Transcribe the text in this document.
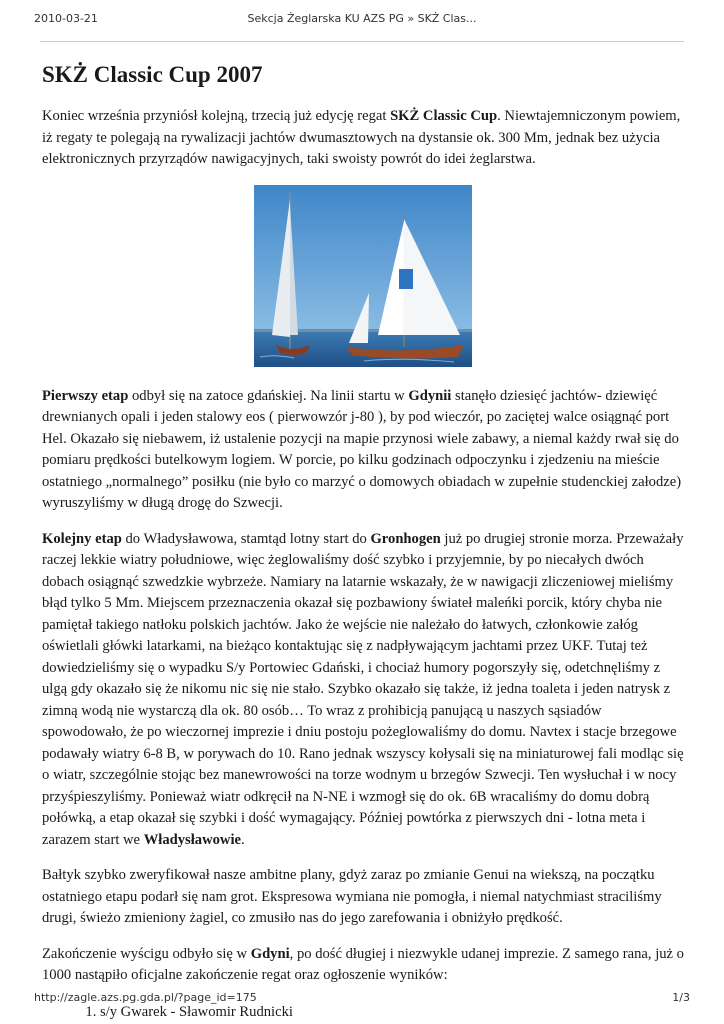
2010-03-21	Sekcja Żeglarska KU AZS PG » SKŻ Clas...
SKŻ Classic Cup 2007

Koniec września przyniósł kolejną, trzecią już edycję regat SKŻ Classic Cup. Niewtajemniczonym powiem, iż regaty te polegają na rywalizacji jachtów dwumasztowych na dystansie ok. 300 Mm, jednak bez użycia elektronicznych przyrządów nawigacyjnych, taki swoisty powrót do idei żeglarstwa.

Pierwszy etap odbył się na zatoce gdańskiej. Na linii startu w Gdynii stanęło dziesięć jachtów- dziewięć drewnianych opali i jeden stalowy eos ( pierwowzór j-80 ), by pod wieczór, po zaciętej walce osiągnąć port Hel. Okazało się niebawem, iż ustalenie pozycji na mapie przynosi wiele zabawy, a niemal każdy rwał się do pomiaru prędkości butelkowym logiem. W porcie, po kilku godzinach odpoczynku i zjedzeniu na mieście ostatniego „normalnego” posiłku (nie było co marzyć o domowych obiadach w zupełnie studenckiej załodze) wyruszyliśmy w długą drogę do Szwecji.

Kolejny etap do Władysławowa, stamtąd lotny start do Gronhogen już po drugiej stronie morza. Przeważały raczej lekkie wiatry południowe, więc żeglowaliśmy dość szybko i przyjemnie, by po niecałych dwóch dobach osiągnąć szwedzkie wybrzeże. Namiary na latarnie wskazały, że w nawigacji zliczeniowej mieliśmy błąd tylko 5 Mm. Miejscem przeznaczenia okazał się pozbawiony świateł maleńki porcik, który chyba nie pamiętał takiego natłoku polskich jachtów. Jako że wejście nie należało do łatwych, członkowie załóg oświetlali główki latarkami, na bieżąco kontaktując się z nadpływającym jachtami przez UKF. Tutaj też dowiedzieliśmy się o wypadku S/y Portowiec Gdański, i chociaż humory pogorszyły się, odetchnęliśmy z ulgą gdy okazało się że nikomu nic się nie stało. Szybko okazało się także, iż jedna toaleta i jeden natrysk z zimną wodą nie wystarczą dla ok. 80 osób… To wraz z prohibicją panującą u naszych sąsiadów spowodowało, że po wieczornej imprezie i dniu postoju pożeglowaliśmy do domu. Navtex i stacje brzegowe podawały wiatry 6-8 B, w porywach do 10. Rano jednak wszyscy kołysali się na miniaturowej fali modląc się o wiatr, szczególnie stojąc bez manewrowości na torze wodnym u brzegów Szwecji. Ten wysłuchał i w nocy przyśpieszyliśmy. Ponieważ wiatr odkręcił na N-NE i wzmogł się do ok. 6B wracaliśmy do domu dobrą połówką, a etap okazał się szybki i dość wymagający. Później powtórka z pierwszych dni - lotna meta i zarazem start we Władysławowie.

Bałtyk szybko zweryfikował nasze ambitne plany, gdyż zaraz po zmianie Genui na wiekszą, na początku ostatniego etapu podarł się nam grot. Ekspresowa wymiana nie pomogła, i niemal natychmiast straciliśmy drugi, świeżo zmieniony żagiel, co zmusiło nas do jego zarefowania i obniżyło prędkość.

Zakończenie wyścigu odbyło się w Gdyni, po dość długiej i niezwykle udanej imprezie. Z samego rana, już o 1000 nastąpiło oficjalne zakończenie regat oraz ogłoszenie wyników:

1. s/y Gwarek - Sławomir Rudnicki
http://zagle.azs.pg.gda.pl/?page_id=175	1/3
